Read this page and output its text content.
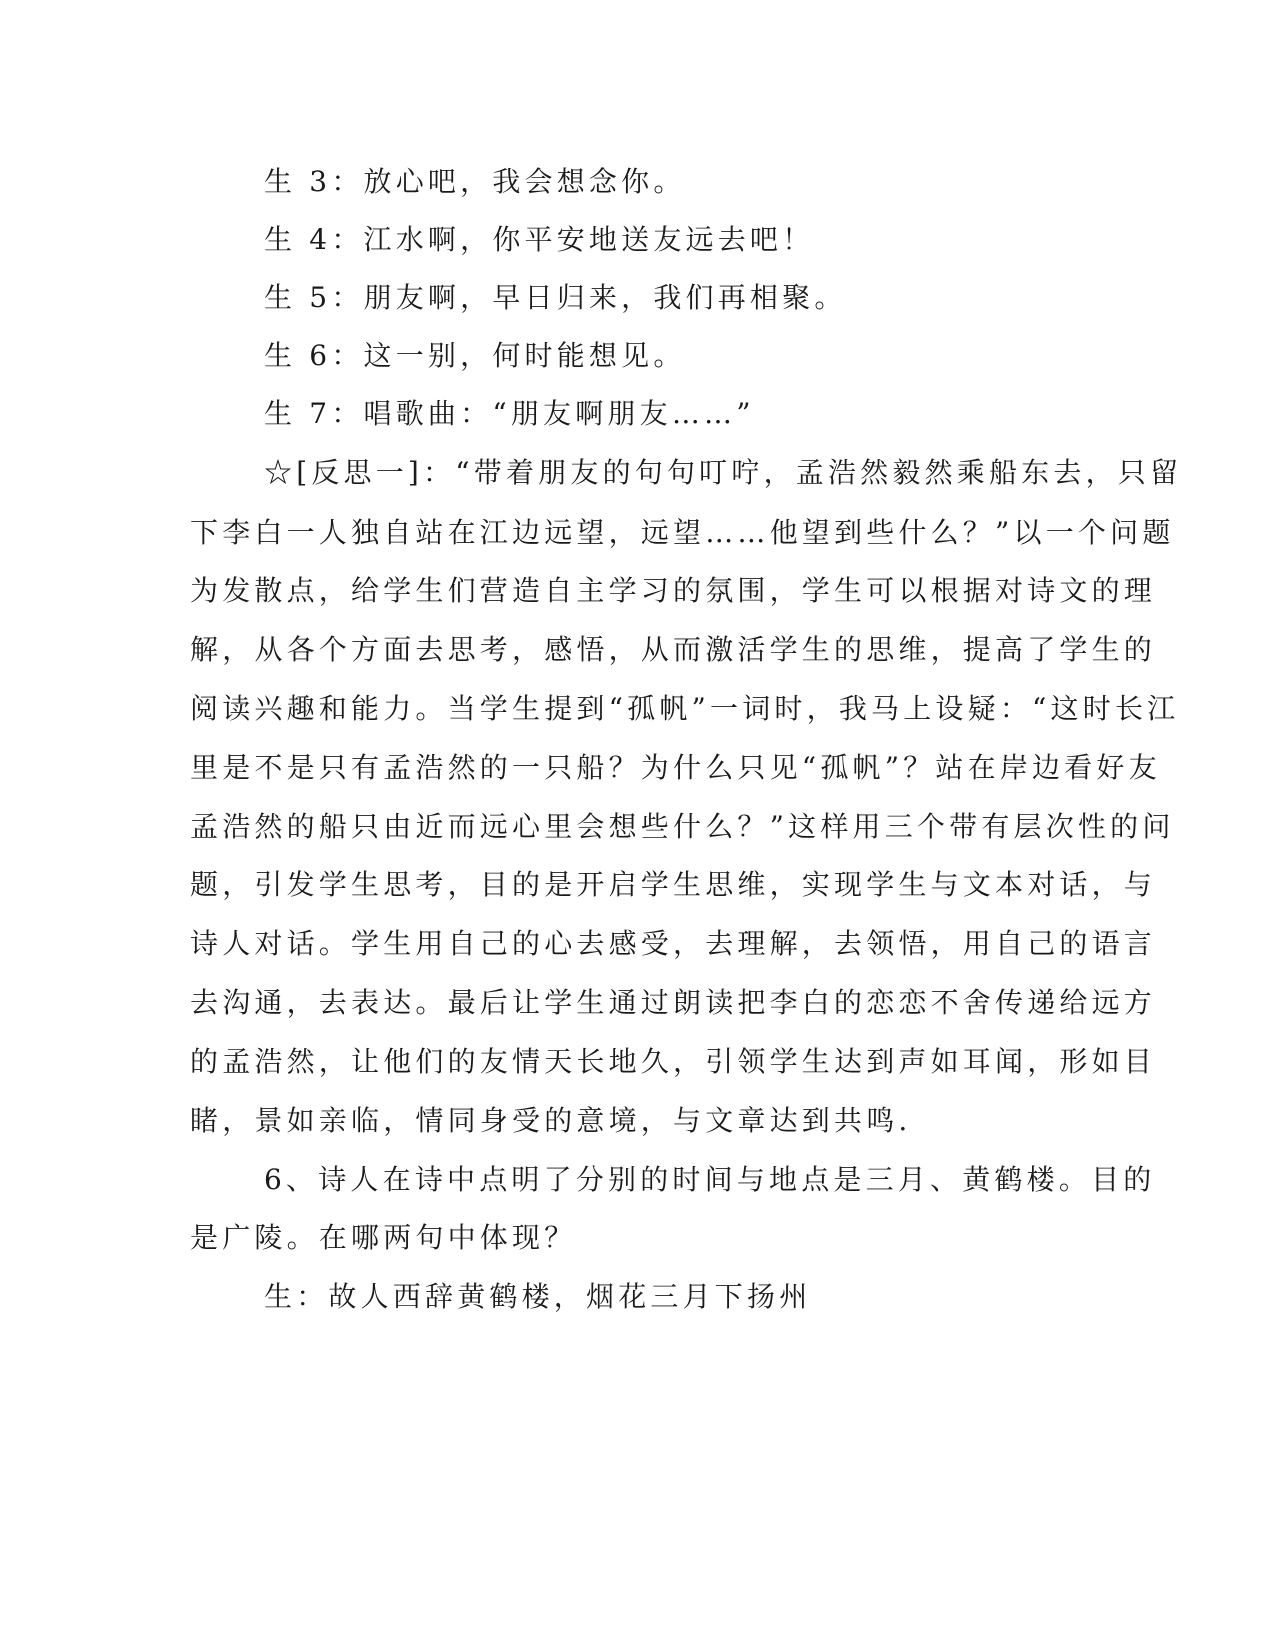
生 3：放心吧，我会想念你。
生 4：江水啊，你平安地送友远去吧！
生 5：朋友啊，早日归来，我们再相聚。
生 6：这一别，何时能想见。
生 7：唱歌曲：“朋友啊朋友……”
☆[反思一]：“带着朋友的句句叮咛，孟浩然毅然乘船东去，只留
下李白一人独自站在江边远望，远望……他望到些什么？”以一个问题
为发散点，给学生们营造自主学习的氛围，学生可以根据对诗文的理
解，从各个方面去思考，感悟，从而激活学生的思维，提高了学生的
阅读兴趣和能力。当学生提到“孤帆”一词时，我马上设疑：“这时长江
里是不是只有孟浩然的一只船？为什么只见“孤帆”？站在岸边看好友
孟浩然的船只由近而远心里会想些什么？”这样用三个带有层次性的问
题，引发学生思考，目的是开启学生思维，实现学生与文本对话，与
诗人对话。学生用自己的心去感受，去理解，去领悟，用自己的语言
去沟通，去表达。最后让学生通过朗读把李白的恋恋不舍传递给远方
的孟浩然，让他们的友情天长地久，引领学生达到声如耳闻，形如目
睹，景如亲临，情同身受的意境，与文章达到共鸣.
6、诗人在诗中点明了分别的时间与地点是三月、黄鹤楼。目的
是广陵。在哪两句中体现？
生：故人西辞黄鹤楼，烟花三月下扬州
